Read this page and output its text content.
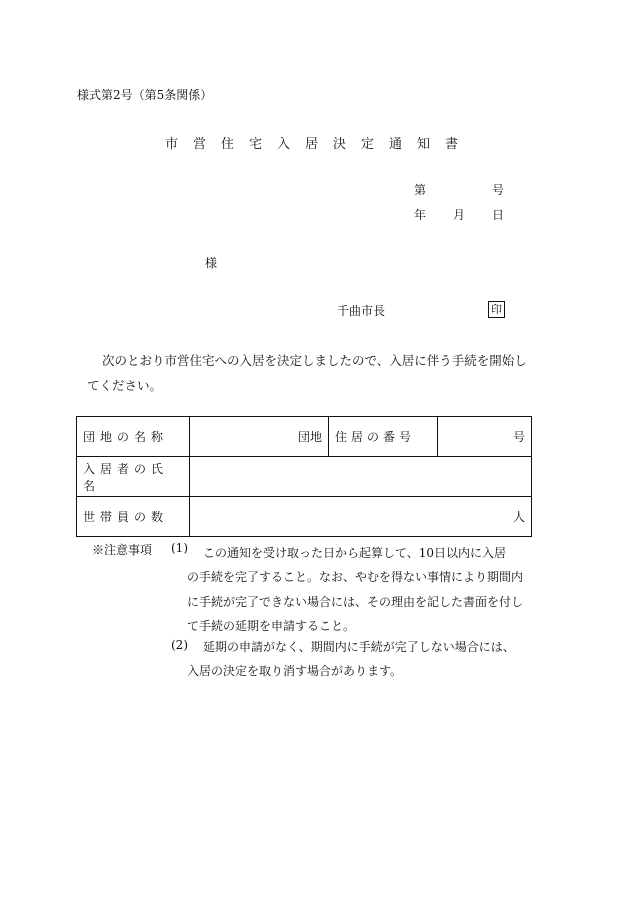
様式第2号（第5条関係）
市営住宅入居決定通知書
第	号
年 月 日
様
千曲市長	印
次のとおり市営住宅への入居を決定しましたので、入居に伴う手続を開始してください。
団地の名称	団地	住居の番号	号
入居者の氏名			
世帯員の数	人		
※注意事項 (1) この通知を受け取った日から起算して、10日以内に入居
の手続を完了すること。なお、やむを得ない事情により期間内に手続が完了できない場合には、その理由を記した書面を付して手続の延期を申請すること。
(2) 延期の申請がなく、期間内に手続が完了しない場合には、
入居の決定を取り消す場合があります。
